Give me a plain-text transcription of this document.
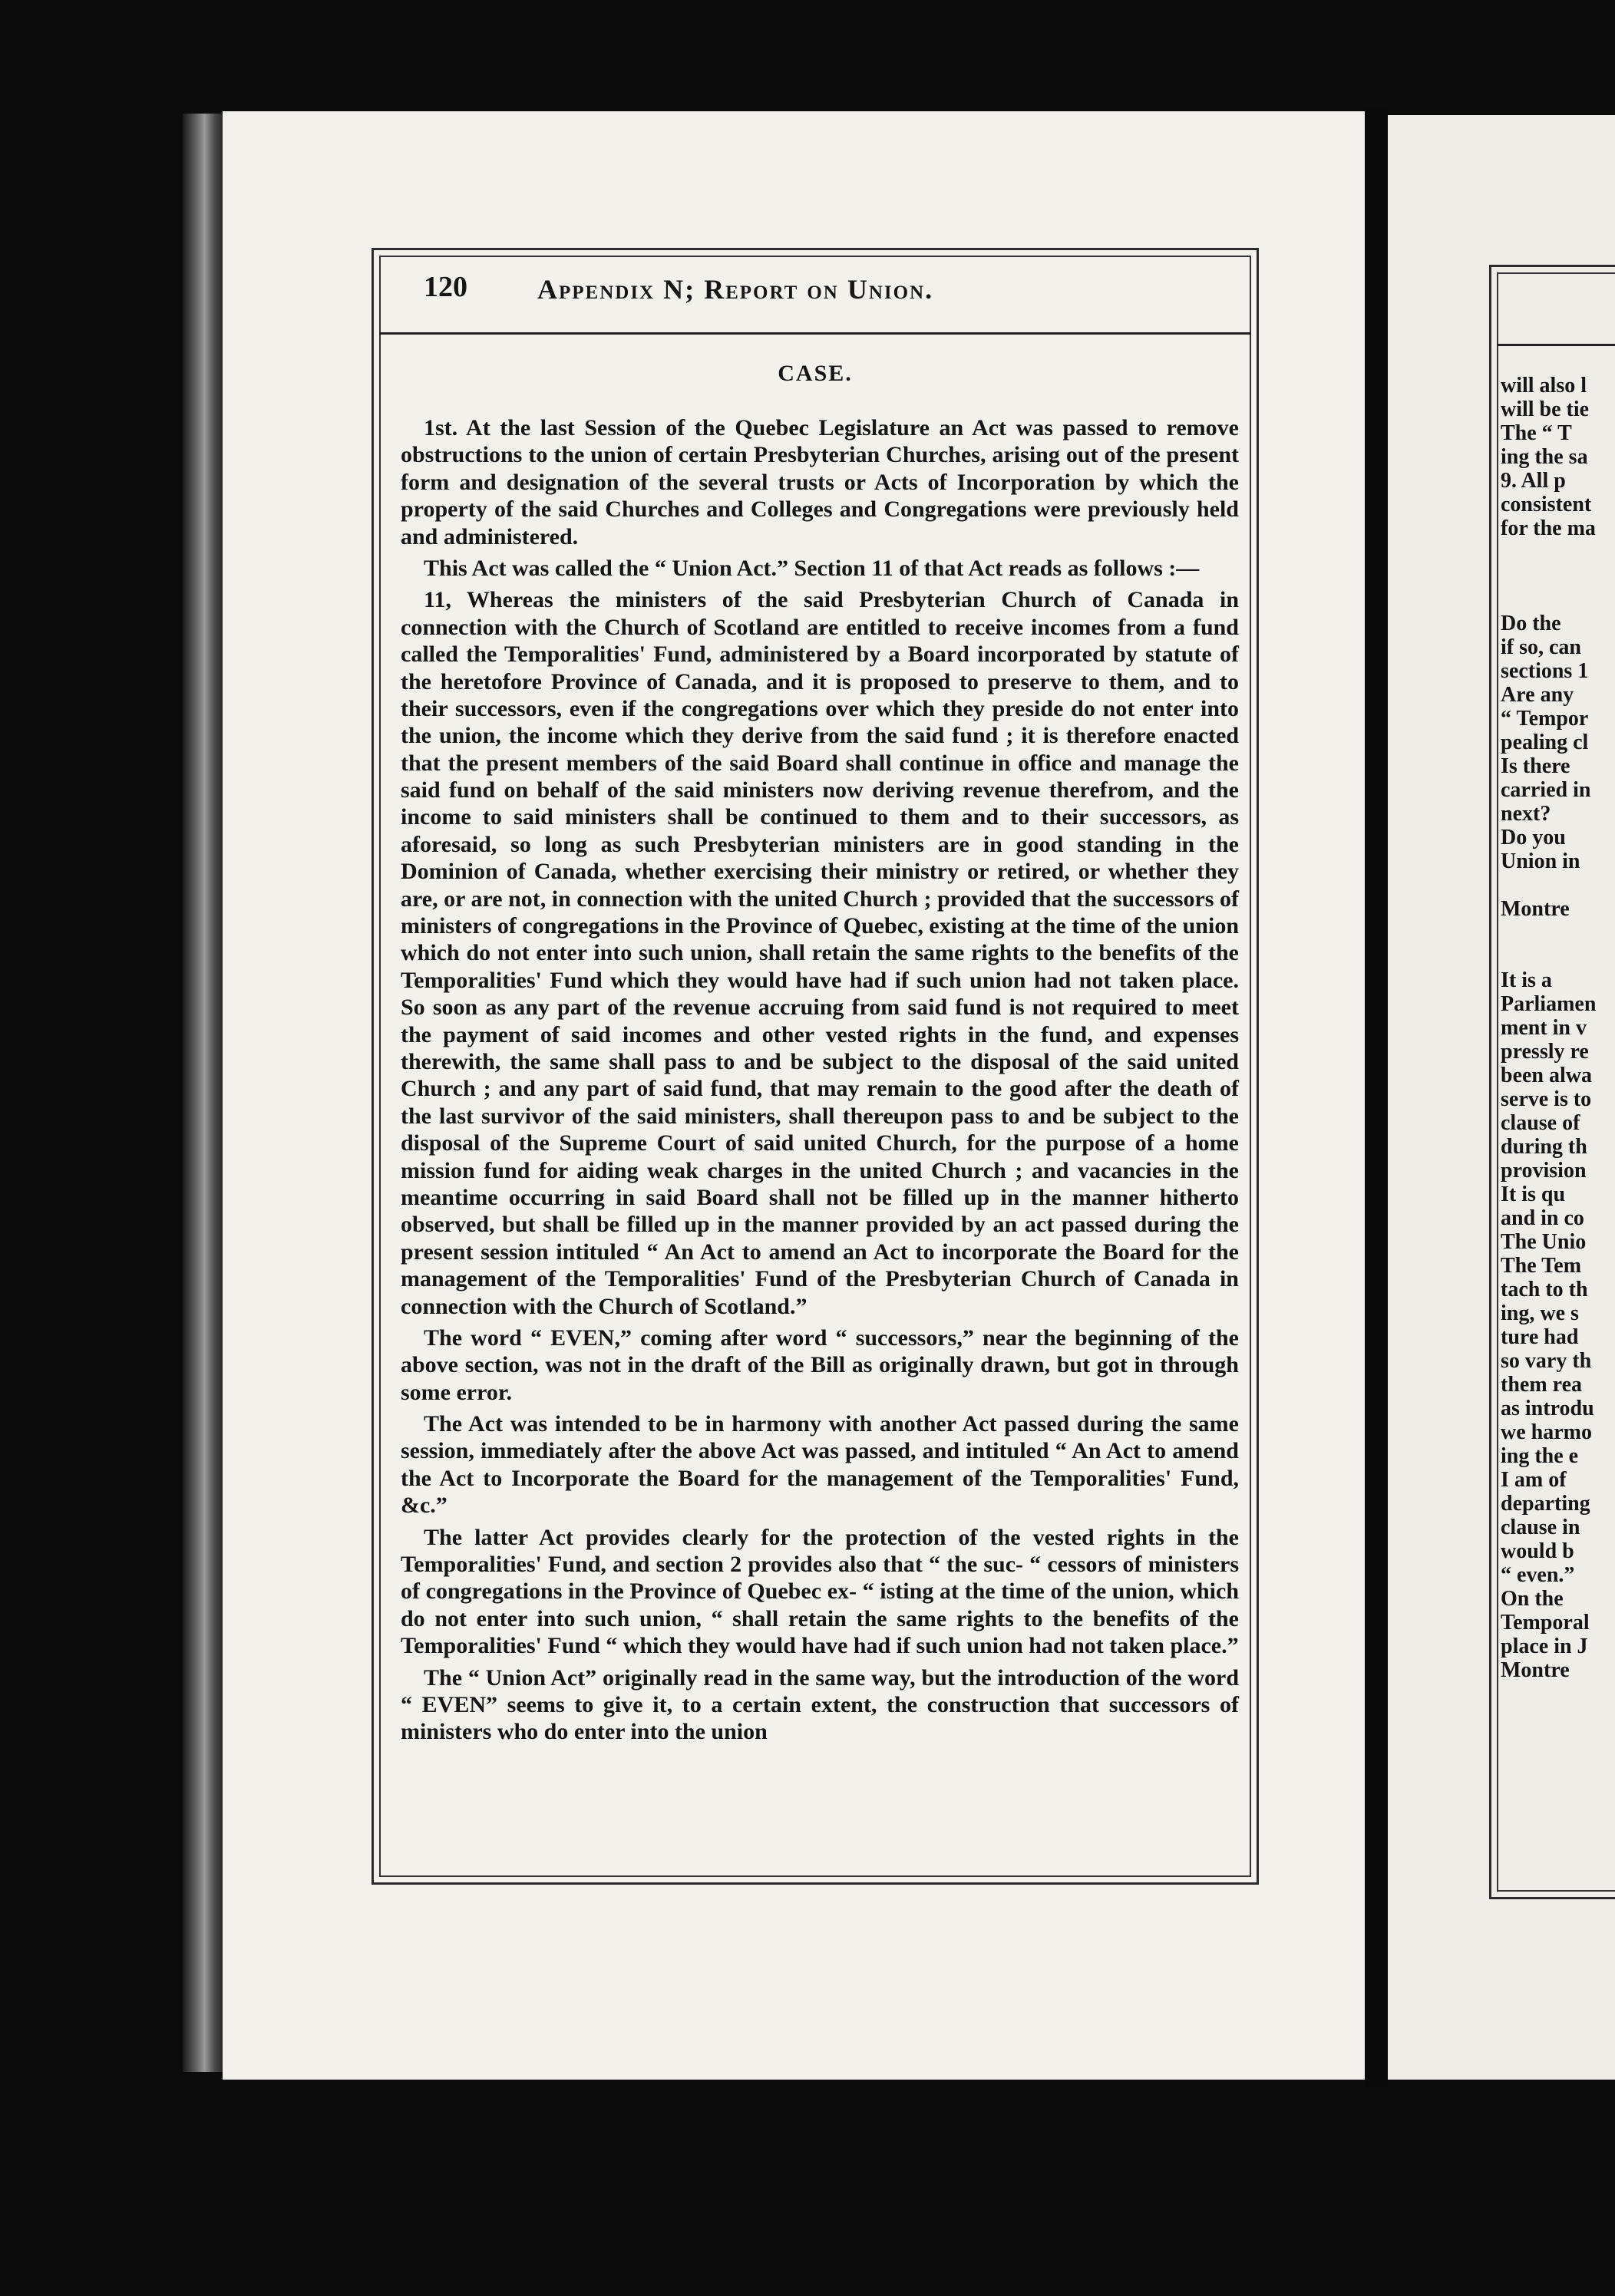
120	Appendix N; Report on Union.
CASE.

1st. At the last Session of the Quebec Legislature an Act was passed to remove obstructions to the union of certain Presbyterian Churches, arising out of the present form and designation of the several trusts or Acts of Incorporation by which the property of the said Churches and Colleges and Congregations were previously held and administered.

This Act was called the “ Union Act.” Section 11 of that Act reads as follows :—

11, Whereas the ministers of the said Presbyterian Church of Canada in connection with the Church of Scotland are entitled to receive incomes from a fund called the Temporalities' Fund, administered by a Board incorporated by statute of the heretofore Province of Canada, and it is proposed to preserve to them, and to their successors, even if the congregations over which they preside do not enter into the union, the income which they derive from the said fund ; it is therefore enacted that the present members of the said Board shall continue in office and manage the said fund on behalf of the said ministers now deriving revenue therefrom, and the income to said ministers shall be continued to them and to their successors, as aforesaid, so long as such Presbyterian ministers are in good standing in the Dominion of Canada, whether exercising their ministry or retired, or whether they are, or are not, in connection with the united Church ; provided that the successors of ministers of congregations in the Province of Quebec, existing at the time of the union which do not enter into such union, shall retain the same rights to the benefits of the Temporalities' Fund which they would have had if such union had not taken place. So soon as any part of the revenue accruing from said fund is not required to meet the payment of said incomes and other vested rights in the fund, and expenses therewith, the same shall pass to and be subject to the disposal of the said united Church ; and any part of said fund, that may remain to the good after the death of the last survivor of the said ministers, shall thereupon pass to and be subject to the disposal of the Supreme Court of said united Church, for the purpose of a home mission fund for aiding weak charges in the united Church ; and vacancies in the meantime occurring in said Board shall not be filled up in the manner hitherto observed, but shall be filled up in the manner provided by an act passed during the present session intituled “ An Act to amend an Act to incorporate the Board for the management of the Temporalities' Fund of the Presbyterian Church of Canada in connection with the Church of Scotland.”

The word “ EVEN,” coming after word “ successors,” near the beginning of the above section, was not in the draft of the Bill as originally drawn, but got in through some error.

The Act was intended to be in harmony with another Act passed during the same session, immediately after the above Act was passed, and intituled “ An Act to amend the Act to Incorporate the Board for the management of the Temporalities' Fund, &c.”

The latter Act provides clearly for the protection of the vested rights in the Temporalities' Fund, and section 2 provides also that “ the suc- “ cessors of ministers of congregations in the Province of Quebec ex- “ isting at the time of the union, which do not enter into such union, “ shall retain the same rights to the benefits of the Temporalities' Fund “ which they would have had if such union had not taken place.”

The “ Union Act” originally read in the same way, but the introduction of the word “ EVEN” seems to give it, to a certain extent, the construction that successors of ministers who do enter into the union

will also l
will be tie
The “ T
ing the sa
9. All p
consistent
for the ma

Do the
if so, can
sections 1
Are any
“ Tempor
pealing cl
Is there
carried in
next?
Do you
Union in

Montre

It is a
Parliamen
ment in v
pressly re
been alwa
serve is to
clause of
during th
provision
It is qu
and in co
The Unio
The Tem
tach to th
ing, we s
ture had
so vary th
them rea
as introdu
we harmo
ing the e
I am of
departing
clause in
would b
“ even.”
On the
Temporal
place in J
Montre
